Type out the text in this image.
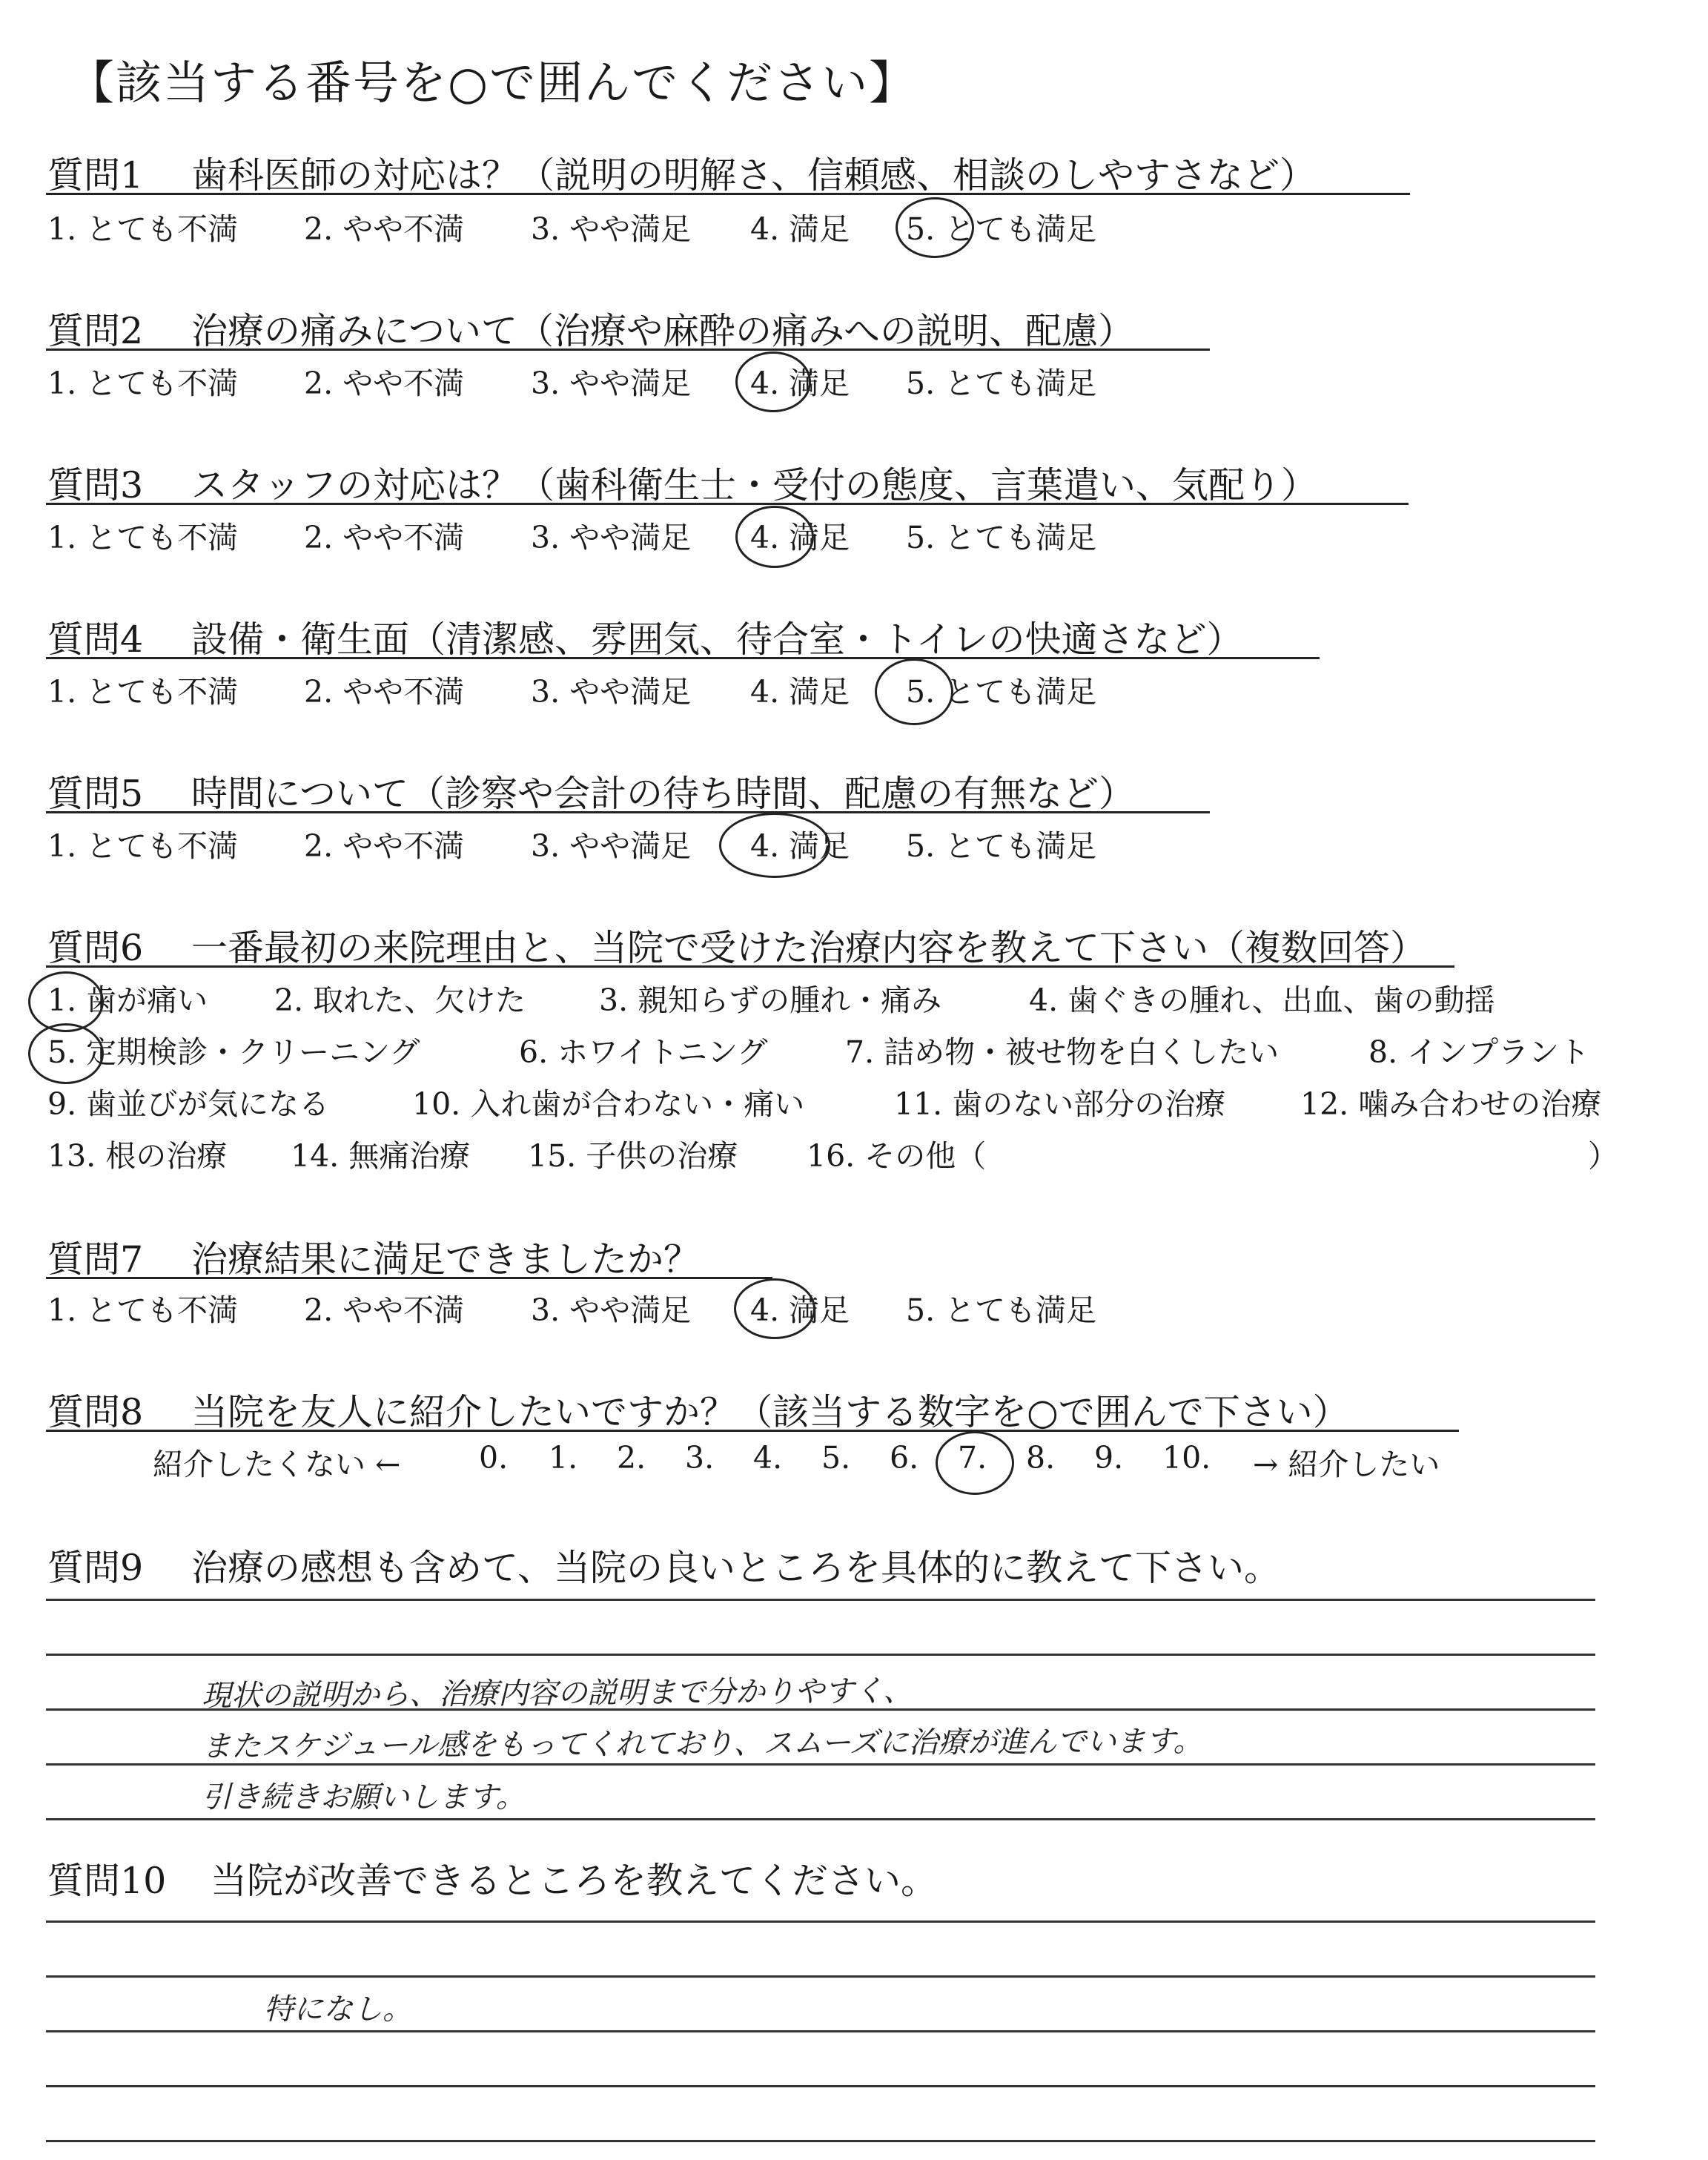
【該当する番号を○で囲んでください】
質問1 歯科医師の対応は？（説明の明解さ、信頼感、相談のしやすさなど）
1. とても不満 2. やや不満 3. やや満足 4. 満足 5. とても満足
質問2 治療の痛みについて（治療や麻酔の痛みへの説明、配慮）
1. とても不満 2. やや不満 3. やや満足 4. 満足 5. とても満足
質問3 スタッフの対応は？（歯科衛生士・受付の態度、言葉遣い、気配り）
1. とても不満 2. やや不満 3. やや満足 4. 満足 5. とても満足
質問4 設備・衛生面（清潔感、雰囲気、待合室・トイレの快適さなど）
1. とても不満 2. やや不満 3. やや満足 4. 満足 5. とても満足
質問5 時間について（診察や会計の待ち時間、配慮の有無など）
1. とても不満 2. やや不満 3. やや満足 4. 満足 5. とても満足
質問6 一番最初の来院理由と、当院で受けた治療内容を教えて下さい（複数回答）
1. 歯が痛い 2. 取れた、欠けた 3. 親知らずの腫れ・痛み	4. 歯ぐきの腫れ、出血、歯の動揺
5. 定期検診・クリーニング	6. ホワイトニング	7. 詰め物・被せ物を白くしたい	8. インプラント
9. 歯並びが気になる	10. 入れ歯が合わない・痛い	11. 歯のない部分の治療 12. 噛み合わせの治療
13. 根の治療 14. 無痛治療 15. 子供の治療 16. その他（	）
質問7 治療結果に満足できましたか？
1. とても不満 2. やや不満 3. やや満足 4. 満足 5. とても満足
質問8 当院を友人に紹介したいですか？（該当する数字を○で囲んで下さい）
紹介したくない ←	0. 1. 2. 3. 4. 5. 6. 7. 8. 9. 10. → 紹介したい
質問9 治療の感想も含めて、当院の良いところを具体的に教えて下さい。
現状の説明から、治療内容の説明まで分かりやすく、
またスケジュール感をもってくれており、スムーズに治療が進んでいます。
引き続きお願いします。
質問10 当院が改善できるところを教えてください。
特になし。
